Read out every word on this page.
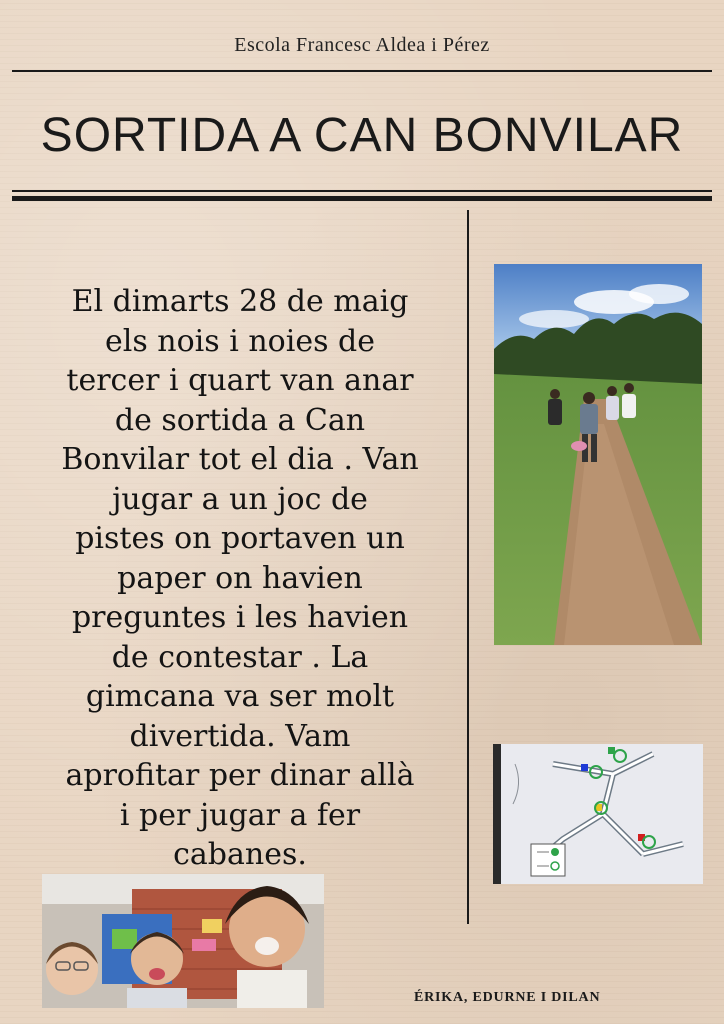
Escola Francesc Aldea i Pérez
SORTIDA A CAN BONVILAR
El dimarts 28 de maig
els nois i noies de
tercer i quart van anar
de sortida a Can
Bonvilar tot el dia . Van
jugar a un joc de
pistes on portaven un
paper on havien
preguntes i les havien
de contestar . La
gimcana va ser molt
divertida. Vam
aprofitar per dinar allà
i per jugar a fer
cabanes.
ÉRIKA, EDURNE I DILAN
